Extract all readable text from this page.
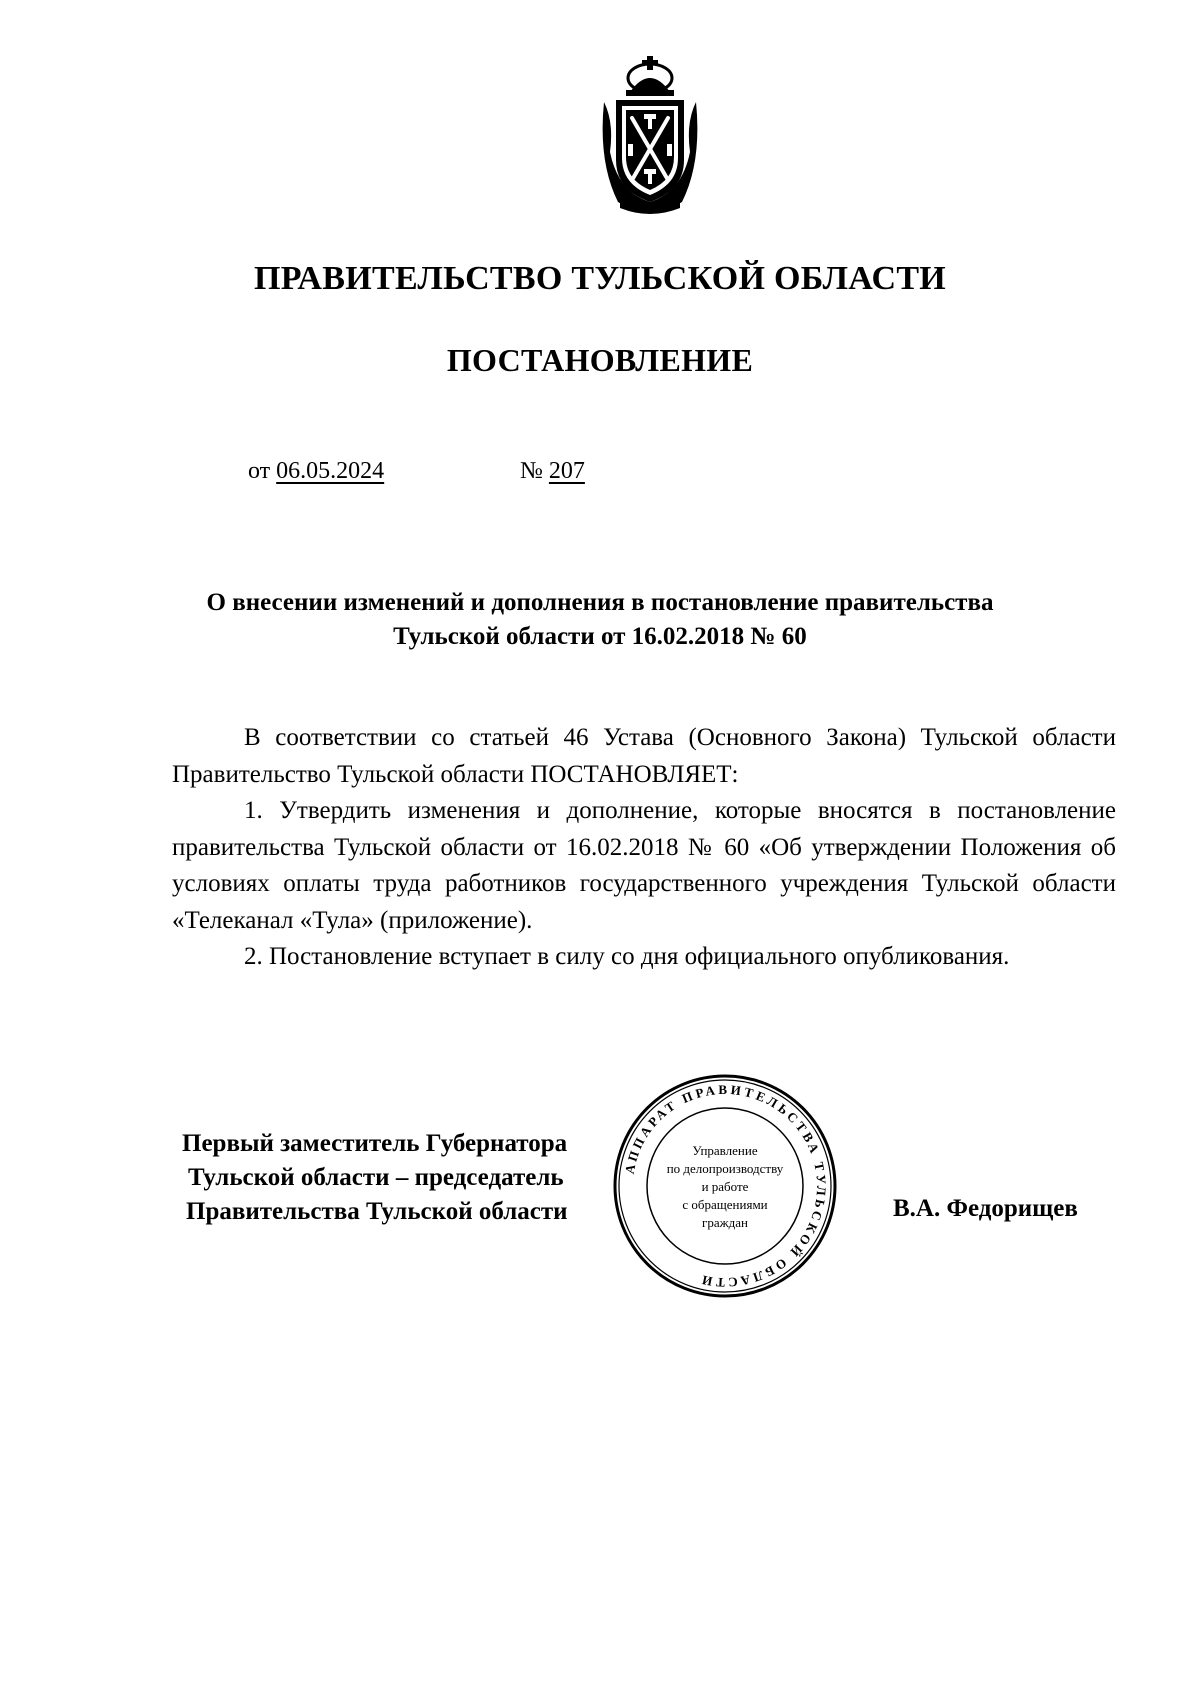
ПРАВИТЕЛЬСТВО ТУЛЬСКОЙ ОБЛАСТИ
ПОСТАНОВЛЕНИЕ
от 06.05.2024	№ 207
О внесении изменений и дополнения в постановление правительства
Тульской области от 16.02.2018 № 60

В соответствии со статьей 46 Устава (Основного Закона) Тульской области Правительство Тульской области ПОСТАНОВЛЯЕТ:

1. Утвердить изменения и дополнение, которые вносятся в постановление правительства Тульской области от 16.02.2018 № 60 «Об утверждении Положения об условиях оплаты труда работников государственного учреждения Тульской области «Телеканал «Тула» (приложение).

2. Постановление вступает в силу со дня официального опубликования.

АППАРАТ ПРАВИТЕЛЬСТВА ТУЛЬСКОЙ ОБЛАСТИ
Управление
по делопроизводству
и работе
с обращениями
граждан
Первый заместитель Губернатора
Тульской области – председатель
Правительства Тульской области	В.А. Федорищев
